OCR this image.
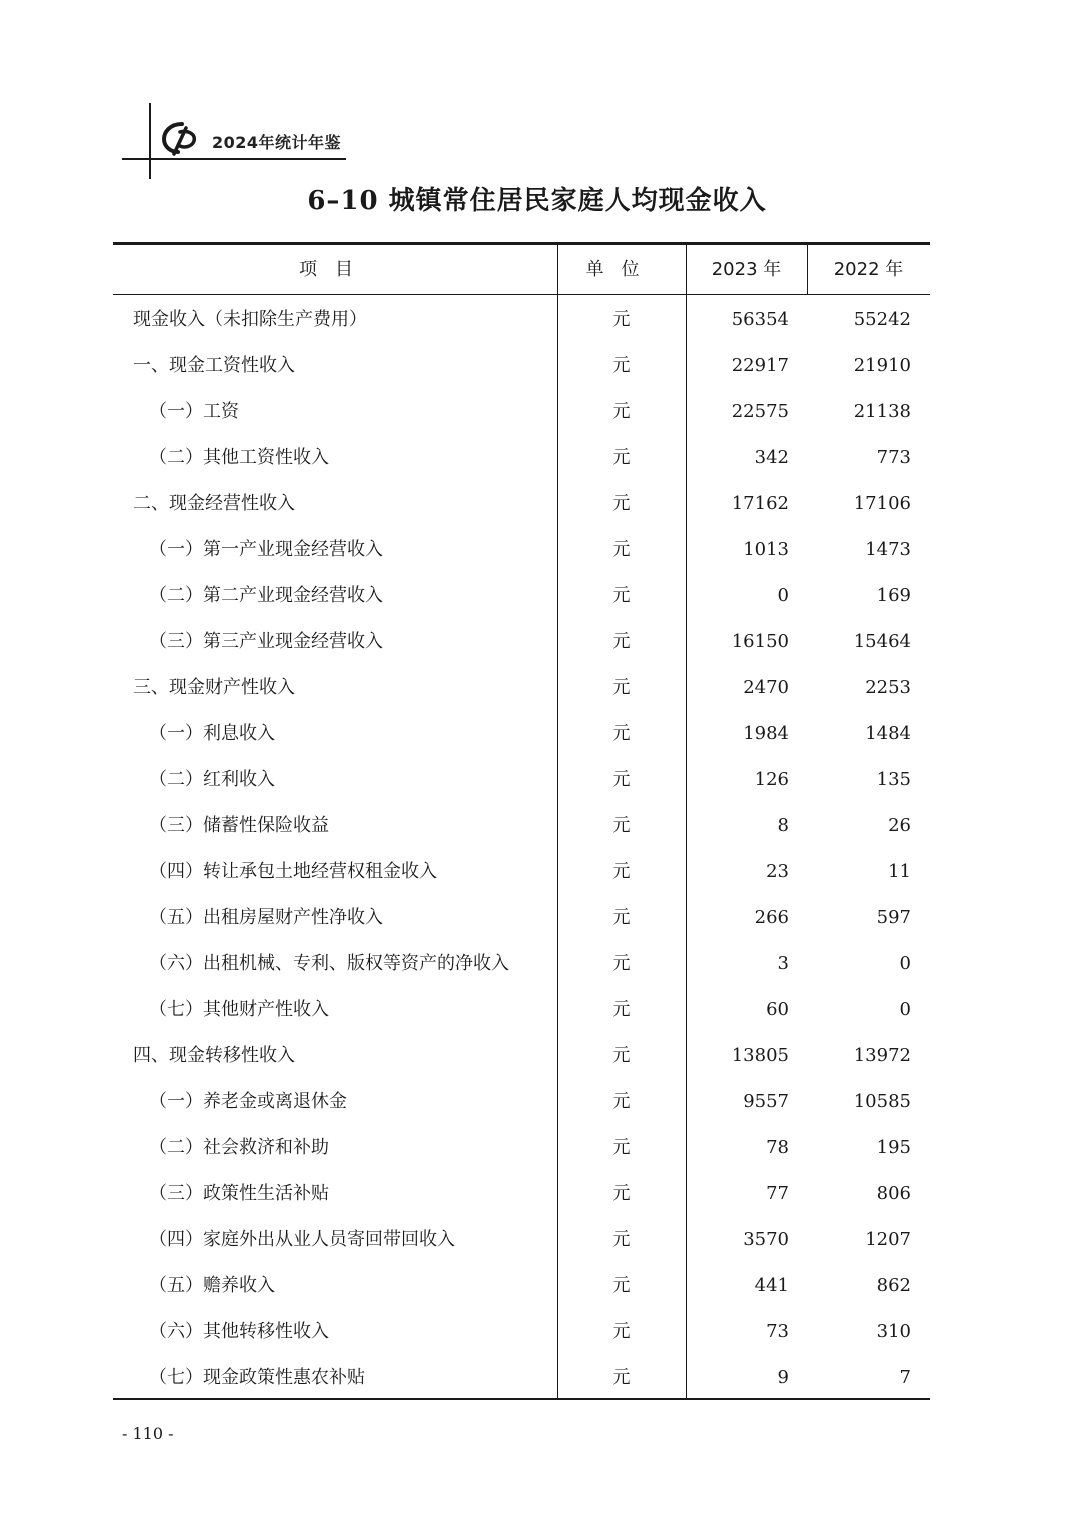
2024年统计年鉴
6–10 城镇常住居民家庭人均现金收入
项目	单位	2023 年	2022 年
现金收入（未扣除生产费用）	元	56354	55242
一、现金工资性收入	元	22917	21910
（一）工资	元	22575	21138
（二）其他工资性收入	元	342	773
二、现金经营性收入	元	17162	17106
（一）第一产业现金经营收入	元	1013	1473
（二）第二产业现金经营收入	元	0	169
（三）第三产业现金经营收入	元	16150	15464
三、现金财产性收入	元	2470	2253
（一）利息收入	元	1984	1484
（二）红利收入	元	126	135
（三）储蓄性保险收益	元	8	26
（四）转让承包土地经营权租金收入	元	23	11
（五）出租房屋财产性净收入	元	266	597
（六）出租机械、专利、版权等资产的净收入	元	3	0
（七）其他财产性收入	元	60	0
四、现金转移性收入	元	13805	13972
（一）养老金或离退休金	元	9557	10585
（二）社会救济和补助	元	78	195
（三）政策性生活补贴	元	77	806
（四）家庭外出从业人员寄回带回收入	元	3570	1207
（五）赡养收入	元	441	862
（六）其他转移性收入	元	73	310
（七）现金政策性惠农补贴	元	9	7
- 110 -
